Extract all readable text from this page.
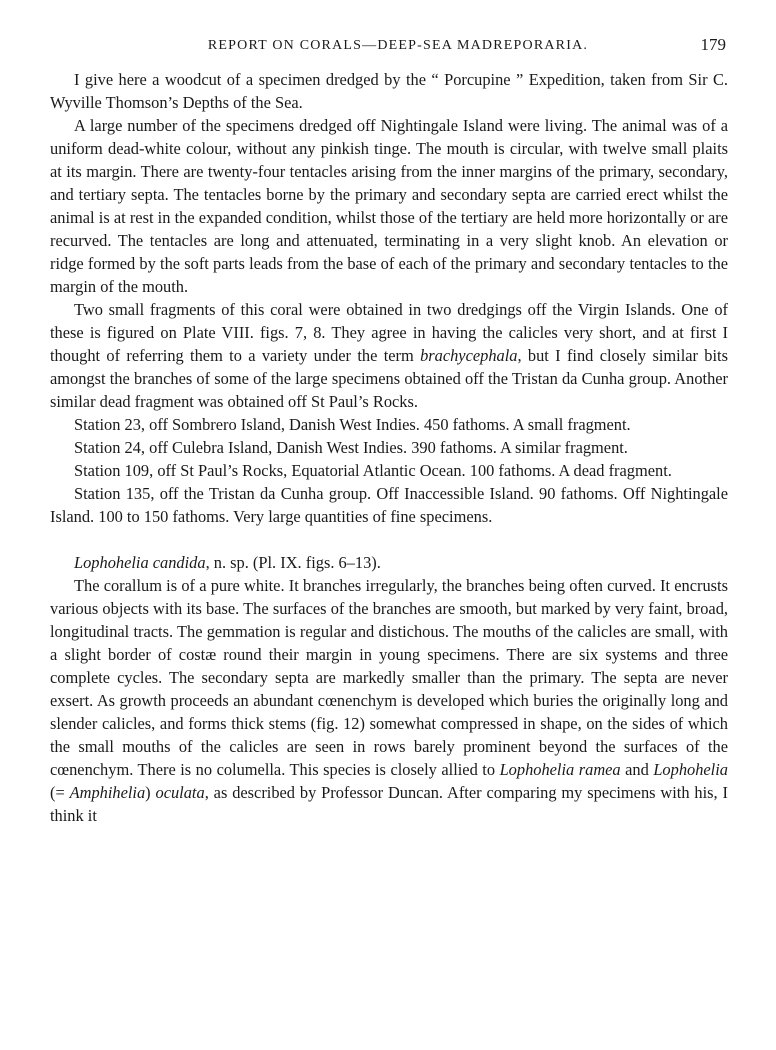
REPORT ON CORALS—DEEP-SEA MADREPORARIA.	179

I give here a woodcut of a specimen dredged by the “ Porcupine ” Expedition, taken from Sir C. Wyville Thomson’s Depths of the Sea.

A large number of the specimens dredged off Nightingale Island were living. The animal was of a uniform dead-white colour, without any pinkish tinge. The mouth is circular, with twelve small plaits at its margin. There are twenty-four tentacles arising from the inner margins of the primary, secondary, and tertiary septa. The tentacles borne by the primary and secondary septa are carried erect whilst the animal is at rest in the expanded condition, whilst those of the tertiary are held more horizontally or are recurved. The tentacles are long and attenuated, terminating in a very slight knob. An elevation or ridge formed by the soft parts leads from the base of each of the primary and secondary tentacles to the margin of the mouth.

Two small fragments of this coral were obtained in two dredgings off the Virgin Islands. One of these is figured on Plate VIII. figs. 7, 8. They agree in having the calicles very short, and at first I thought of referring them to a variety under the term brachycephala, but I find closely similar bits amongst the branches of some of the large specimens obtained off the Tristan da Cunha group. Another similar dead fragment was obtained off St Paul’s Rocks.

Station 23, off Sombrero Island, Danish West Indies. 450 fathoms. A small fragment.

Station 24, off Culebra Island, Danish West Indies. 390 fathoms. A similar fragment.

Station 109, off St Paul’s Rocks, Equatorial Atlantic Ocean. 100 fathoms. A dead fragment.

Station 135, off the Tristan da Cunha group. Off Inaccessible Island. 90 fathoms. Off Nightingale Island. 100 to 150 fathoms. Very large quantities of fine specimens.

Lophohelia candida, n. sp. (Pl. IX. figs. 6–13).

The corallum is of a pure white. It branches irregularly, the branches being often curved. It encrusts various objects with its base. The surfaces of the branches are smooth, but marked by very faint, broad, longitudinal tracts. The gemmation is regular and distichous. The mouths of the calicles are small, with a slight border of costæ round their margin in young specimens. There are six systems and three complete cycles. The secondary septa are markedly smaller than the primary. The septa are never exsert. As growth proceeds an abundant cœnenchym is developed which buries the originally long and slender calicles, and forms thick stems (fig. 12) somewhat compressed in shape, on the sides of which the small mouths of the calicles are seen in rows barely prominent beyond the surfaces of the cœnenchym. There is no columella. This species is closely allied to Lophohelia ramea and Lophohelia (= Amphihelia) oculata, as described by Professor Duncan. After comparing my specimens with his, I think it
